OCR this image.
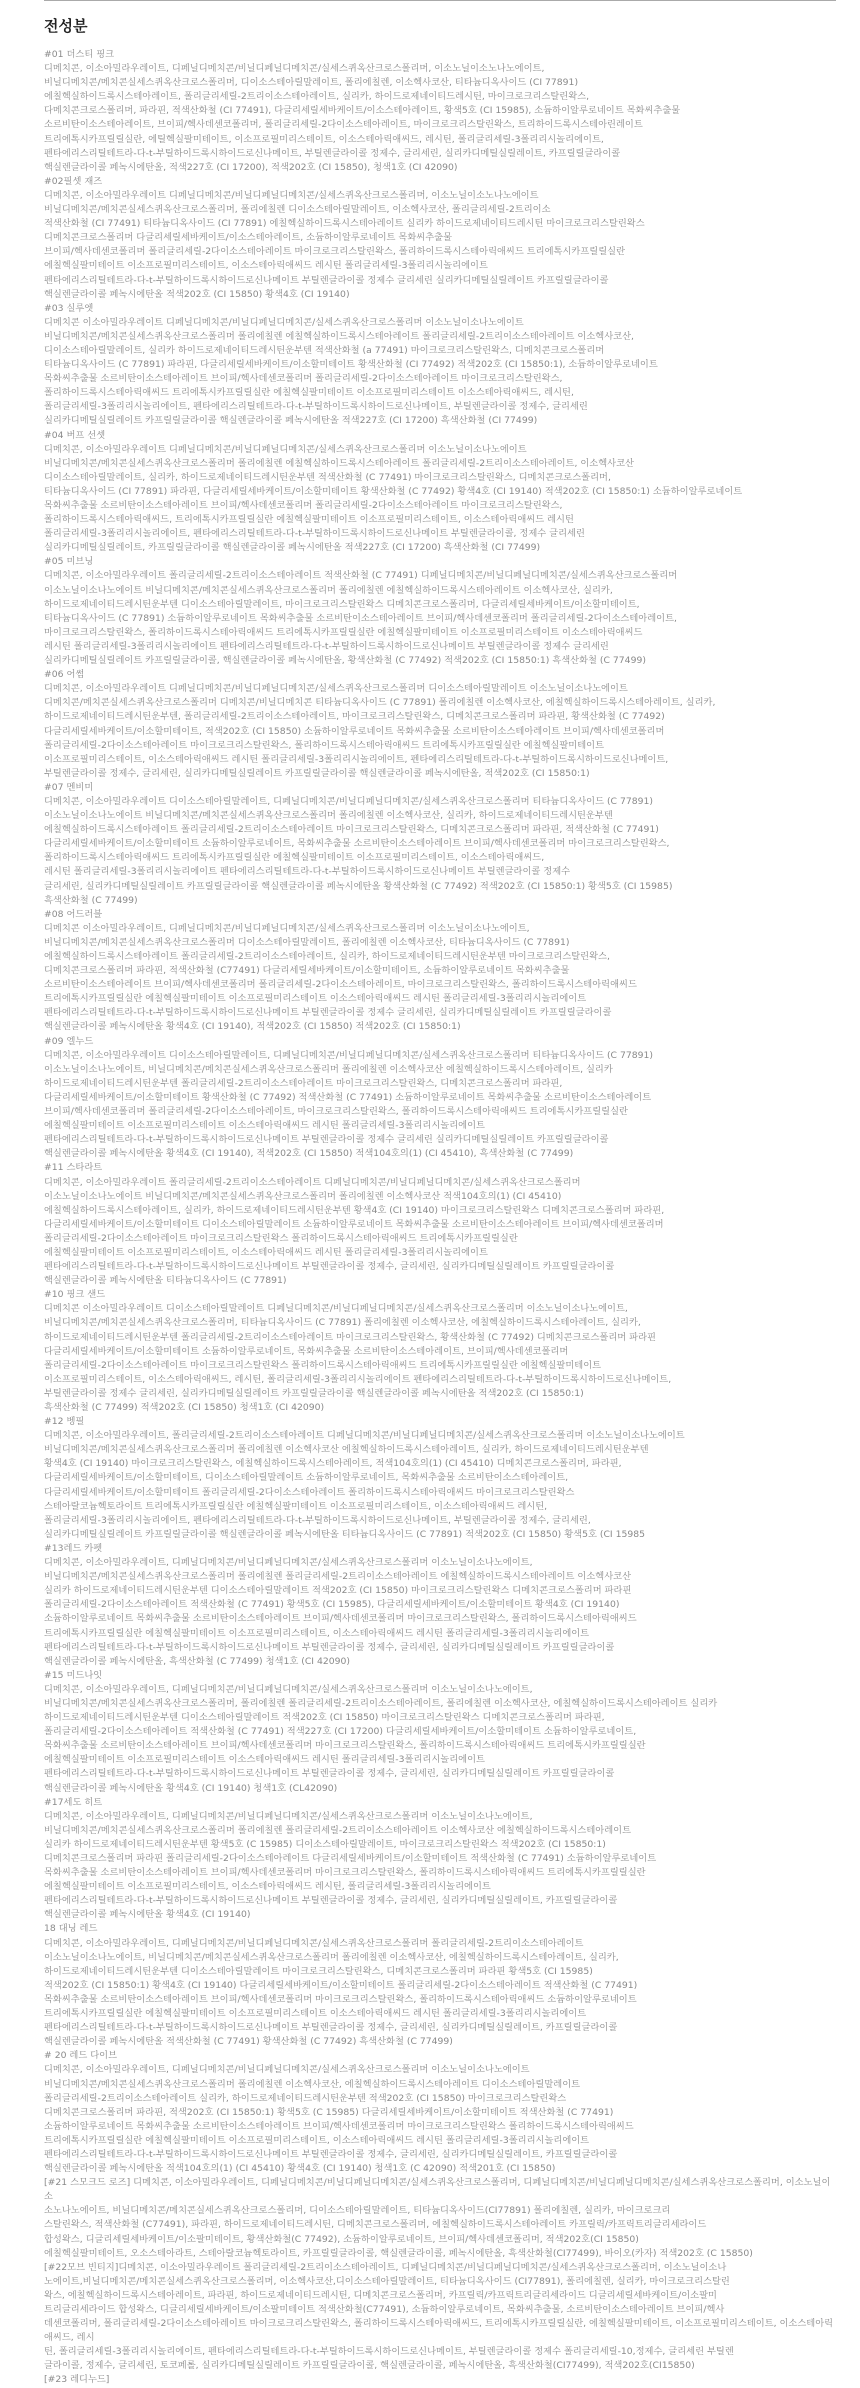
전성분
#01 더스티 핑크
디메치콘, 이소아밀라우레이트, 디페닐디메치콘/비닐디페닐디메치콘/실세스퀴옥산크로스폴리머, 이소노닐이소노나노에이트,
비닐디메치콘/메치콘실세스퀴옥산크로스폴리머, 디이소스테아릴말레이트, 폴리에칠렌, 이소헥사코산, 티타늄디옥사이드 (CI 77891)
에칠헥실하이드록시스테아레이트, 폴리글리세릴-2트리이소스테아레이트, 실리카, 하이드로제네이티드레시틴, 마이크로크리스탈린왁스,
다메치콘크로스폴리머, 파라핀, 적색산화철 (CI 77491), 다글리세릴세바케이트/이소스테아레이트, 황색5호 (CI 15985), 소듐하이알루로네이트 목화씨추출물
소르비탄이소스테아레이트, 브이피/헥사데센코폴리머, 폴리글리세릴-2다이소스테아레이트, 마이크로크리스탈린왁스, 트리하이드록시스테아린레이트
트리에톡시카프릴릴실란, 에틸헥실팔미테이트, 이소프로필미리스테이트, 이소스테아릭애씨드, 레시틴, 폴리글리세릴-3폴리리시놀리에이트,
펜타에리스리틸테트라-다-t-부틸하이드록시하이드로신나메이트, 부틸렌글라이콜 정제수, 글리세린, 실리카디메틸실릴레이트, 카프릴릴글라이콜
핵실렌글라이콜 페녹시에탄올, 적색227호 (CI 17200), 적색202호 (CI 15850), 청색1호 (CI 42090)
#02필셋 재즈
디메치콘, 이소아밀라우레이트 디페닐디메치콘/비닐디페닐디메치콘/실세스퀴옥산크로스폴리머, 이소노닐이소노나노에이트
비닐디메치콘/메치콘실세스퀴옥산크로스폴리머, 폴리에칠렌 디이소스테아릴말레이트, 이소헥사코산, 폴리글리세릴-2트리이소
적색산화철 (CI 77491) 티타늄디옥사이드 (CI 77891) 에칠헥실하이드록시스테아레이트 실리카 하이드로제네이티드레시틴 마이크로크리스탈린왁스
디메치콘크로스폴리머 다글리세릴세바케이트/이소스테아레이트, 소듐하이알루로네이트 목화씨추출물
브이피/헥사데센코폴리머 폴리글리세릴-2다이소스테아레이트 마이크로크리스탈린왁스, 폴리하이드록시스테아릭애씨드 트리에톡시카프릴릴실란
에칠헥실팔미테이트 이소프로필미리스테이트, 이소스테아릭애씨드 레시틴 폴리글리세릴-3폴리리시놀리에이트
펜타에리스리틸테트라-다-t-부틸하이드록시하이드로신나메이트 부틸렌글라이콜 정제수 글리세린 실리카디메틸실릴레이트 카프릴릴글라이콜
핵실렌글라이콜 페녹시에탄올 적색202호 (CI 15850) 황색4호 (CI 19140)
#03 실루엣
디메치콘 이소아밀라우레이트 디페닐디메치콘/비닐디페닐디메치콘/실세스퀴옥산크로스폴리머 이소노닐이소나노에이트
비닐디메치콘/메치콘실세스퀴옥산크로스폴리머 폴리에칠렌 에칠헥실하이드록시스테아레이트 폴리글리세릴-2트리이소스테아레이트 이소헥사코산,
디이소스테아릴말레이트, 실리카 하이드로제네이티드레시틴운부텐 적색산화철 (a 77491) 마이크로크리스탈린왁스, 디메치콘크로스폴리머
티타늄디옥사이드 (C 77891) 파라핀, 다글리세릴세바케이트/이소할미테이트 황색산화철 (CI 77492) 적색202호 (CI 15850:1), 소듐하이알루로네이트
목화씨추출물 소르비탄이소스테아레이트 브이피/헥사데센코폴리머 폴리글리세릴-2다이소스테아레이트 마이크로크리스탈린왁스,
폴리하이드록시스테아릭애씨드 트리에톡시카프릴릴실란 에칠헥실팔미테이트 이소프로필미리스테이트 이소스테아릭애씨드, 레시틴,
폴리글리세릴-3폴리리시놀리에이트, 펜타에리스리틸테트라-다-t-부틸하이드록시하이드로신나메이트, 부틸렌글라이콜 정제수, 글리세린
실리카디메틸실릴레이트 카프릴릴글라이콜 핵실렌글라이콜 페녹시에탄올 적색227호 (CI 17200) 흑색산화철 (CI 77499)
#04 버프 선셋
디메치콘, 이소아밀라우레이트 디페닐디메치콘/비닐디페닐디메치콘/실세스퀴옥산크로스폴리머 이소노닐이소나노에이트
비닐디메치콘/메치콘실세스퀴옥산크로스폴리머 폴리에칠렌 에칠헥실하이드록시스테아레이트 폴리글리세릴-2트리이소스테아레이트, 이소헥사코산
디이소스테아릴말레이트, 실리카, 하이드로제네이티드레시틴운부텐 적색산화철 (C 77491) 마이크로크리스탈린왁스, 디메치콘크로스폴리머,
티타늄디옥사이드 (CI 77891) 파라핀, 다글리세릴세바케이트/이소할미테이트 황색산화철 (C 77492) 황색4호 (CI 19140) 적색202호 (CI 15850:1) 소듐하이알루로네이트
목화씨추출물 소르비탄이소스테아레이트 브이피/헥사데센코폴리머 폴리글리세릴-2다이소스테아레이트 마이크로크리스탈린왁스,
폴리하이드록시스테아릭애씨드, 트리에톡시카프릴릴실란 에칠헥실팔미테이트 이소프로필미리스테이트, 이소스테아릭애씨드 레시틴
폴리글리세릴-3폴리리시놀리에이트, 펜타에리스리틸테트라-다-t-부틸하이드록시하이드로신나메이트 부틸렌글라이콜, 정제수 글리세린
실리카디메틸실릴레이트, 카프릴릴글라이콜 핵실렌글라이콜 페녹시에탄올 적색227호 (CI 17200) 흑색산화철 (CI 77499)
#05 미브닝
디메치콘, 이소아밀라우레이트 폴리글리세릴-2트리이소스테아레이트 적색산화철 (C 77491) 디페닐디메치콘/비닐디페닐디메치콘/실세스퀴옥산크로스폴리머
이소노닐이소나노에이트 비닐디메치콘/메치콘실세스퀴옥산크로스폴리머 폴리에칠렌 에칠헥실하이드록시스테아레이트 이소헥사코산, 실리카,
하이드로제네이티드레시틴운부텐 디이소스테아릴말레이트, 마이크로크리스탈린왁스 디메치콘크로스폴리머, 다글리세릴세바케이트/이소할미테이트,
티타늄디옥사이드 (C 77891) 소듐하이알루로네이트 목화씨추출물 소르비탄이소스테아레이트 브이피/헥사데센코폴리머 폴리글리세릴-2다이소스테아레이트,
마이크로크리스탈린왁스, 폴리하이드록시스테아릭애씨드 트리에톡시카프릴릴실란 에칠헥실팔미테이트 이소프로필미리스테이트 이소스테아릭애씨드
레시틴 폴리글리세릴-3폴리리시놀리에이트 펜타에리스리틸테트라-다-t-부틸하이드록시하이드로신나메이트 부틸렌글라이콜 정제수 글리세린
실리카디메틸실릴레이트 카프릴릴글라이콜, 핵실렌글라이콜 페녹시에탄올, 황색산화철 (C 77492) 적색202호 (CI 15850:1) 흑색산화철 (C 77499)
#06 어썸
디메치콘, 이소아밀라우레이트 디페닐디메치콘/비닐디페닐디메치콘/실세스퀴옥산크로스폴리머 디이소스테아릴말레이트 이소노닐이소나노에이트
디메치콘/메치콘실세스퀴옥산크로스폴리머 디메치콘/비닐디메치콘 티타늄디옥사이드 (C 77891) 폴리에칠렌 이소헥사코산, 에칠헥실하이드록시스테아레이트, 실리카,
하이드로제네이티드레시틴운부텐, 폴리글리세릴-2트리이소스테아레이트, 마이크로크리스탈린왁스, 디메치콘크로스폴리머 파라핀, 황색산화철 (C 77492)
다글리세릴세바케이트/이소할미테이트, 적색202호 (CI 15850) 소듐하이알루로네이트 목화씨추출물 소르비탄이소스테아레이트 브이피/헥사데센코폴리머
폴리글리세릴-2다이소스테아레이트 마이크로크리스탈린왁스, 폴리하이드록시스테아릭애씨드 트리에톡시카프릴릴실란 에칠헥실팔미테이트
이소프로필미리스테이트, 이소스테아릭애씨드 레시틴 폴리글리세릴-3폴리리시놀리에이트, 펜타에리스리틸테트라-다-t-부틸하이드록시하이드로신나메이트,
부틸렌글라이콜 정제수, 글리세린, 실리카디메틸실릴레이트 카프릴릴글라이콜 핵실렌글라이콜 페녹시에탄올, 적색202호 (CI 15850:1)
#07 멘비미
디메치콘, 이소아밀라우레이트 디이소스테아릴말레이트, 디페닐디메치콘/비닐디페닐디메치콘/실세스퀴옥산크로스폴리머 티타늄디옥사이드 (C 77891)
이소노닐이소나노에이트 비닐디메치콘/메치콘실세스퀴옥산크로스폴리머 폴리에칠렌 이소헥사코산, 실리카, 하이드로제네이티드레시틴운부텐
에칠헥실하이드록시스테아레이트 폴리글리세릴-2트리이소스테아레이트 마이크로크리스탈린왁스, 디메치콘크로스폴리머 파라핀, 적색산화철 (C 77491)
다글리세릴세바케이트/이소할미테이트 소듐하이알루로네이트, 목화씨추출물 소르비탄이소스테아레이트 브이피/헥사데센코폴리머 마이크로크리스탈린왁스,
폴리하이드록시스테아릭애씨드 트리에톡시카프릴릴실란 에칠헥실팔미테이트 이소프로필미리스테이트, 이소스테아릭애씨드,
레시틴 폴리글리세릴-3폴리리시놀리에이트 펜타에리스리틸테트라-다-t-부틸하이드록시하이드로신나메이트 부틸렌글라이콜 정제수
글리세린, 실리카디메틸실릴레이트 카프릴릴글라이콜 핵실렌글라이콜 페녹시에탄올 황색산화철 (C 77492) 적색202호 (CI 15850:1) 황색5호 (CI 15985)
흑색산화철 (C 77499)
#08 어드러블
디메치콘 이소아밀라우레이트, 디페닐디메치콘/비닐디페닐디메치콘/실세스퀴옥산크로스폴리머 이소노닐이소나노에이트,
비닐디메치콘/메치콘실세스퀴옥산크로스폴리머 디이소스테아릴말레이트, 폴리에칠렌 이소헥사코산, 티타늄디옥사이드 (C 77891)
에칠헥실하이드록시스테아레이트 폴리글리세릴-2트리이소스테아레이트, 실리카, 하이드로제네이티드레시틴운부텐 마이크로크리스탈린왁스,
디메치콘크로스폴리머 파라핀, 적색산화철 (C77491) 다글리세릴세바케이트/이소할미테이트, 소듐하이알루로네이트 목화씨추출물
소르비탄이소스테아레이트 브이피/헥사데센코폴리머 폴리글리세릴-2다이소스테아레이트, 마이크로크리스탈린왁스, 폴리하이드록시스테아릭애씨드
트리에톡시카프릴릴실란 에칠헥실팔미테이트 이소프로필미리스테이트 이소스테아릭애씨드 레시틴 폴리글리세릴-3폴리리시놀리에이트
펜타에리스리틸테트라-다-t-부틸하이드록시하이드로신나메이트 부틸렌글라이콜 정제수 글리세린, 실리카디메틸실릴레이트 카프릴릴글라이콜
핵실렌글라이콜 페녹시에탄올 황색4호 (CI 19140), 적색202호 (CI 15850) 적색202호 (CI 15850:1)
#09 엘누드
디메치콘, 이소아밀라우레이트 디이소스테아릴말레이트, 디페닐디메치콘/비닐디페닐디메치콘/실세스퀴옥산크로스폴리머 티타늄디옥사이드 (C 77891)
이소노닐이소나노에이트, 비닐디메치콘/메치콘실세스퀴옥산크로스폴리머 폴리에칠렌 이소헥사코산 에칠헥실하이드록시스테아레이트, 실리카
하이드로제네이티드레시틴운부텐 폴리글리세릴-2트리이소스테아레이트 마이크로크리스탈린왁스, 디메치콘크로스폴리머 파라핀,
다글리세릴세바케이트/이소할미테이트 황색산화철 (C 77492) 적색산화철 (C 77491) 소듐하이알루로네이트 목화씨추출물 소르비탄이소스테아레이트
브이피/헥사데센코폴리머 폴리글리세릴-2다이소스테아레이트, 마이크로크리스탈린왁스, 폴리하이드록시스테아릭애씨드 트리에톡시카프릴릴실란
에칠헥실팔미테이트 이소프로필미리스테이트 이소스테아릭애씨드 레시틴 폴리글리세릴-3폴리리시놀리에이트
펜타에리스리틸테트라-다-t-부틸하이드록시하이드로신나메이트 부틸렌글라이콜 정제수 글리세린 실리카디메틸실릴레이트 카프릴릴글라이콜
핵실렌글라이콜 페녹시에탄올 황색4호 (CI 19140), 적색202호 (CI 15850) 적색104호의(1) (CI 45410), 흑색산화철 (C 77499)
#11 스타라트
디메치콘, 이소아밀라우레이트 폴리글리세릴-2트리이소스테아레이트 디페닐디메치콘/비닐디페닐디메치콘/실세스퀴옥산크로스폴리머
이소노닐이소나노에이트 비닐디메치콘/메치콘실세스퀴옥산크로스폴리머 폴리에칠렌 이소헥사코산 적색104호의(1) (CI 45410)
에칠헥실하이드록시스테아레이트, 실리카, 하이드로제네이티드레시틴운부텐 황색4호 (CI 19140) 마이크로크리스탈린왁스 디메치콘크로스폴리머 파라핀,
다글리세릴세바케이트/이소할미테이트 디이소스테아릴말레이트 소듐하이알루로네이트 목화씨추출물 소르비탄이소스테아레이트 브이피/헥사데센코폴리머
폴리글리세릴-2다이소스테아레이트 마이크로크리스탈린왁스 폴리하이드록시스테아릭애씨드 트리에톡시카프릴릴실란
에칠헥실팔미테이트 이소프로필미리스테이트, 이소스테아릭애씨드 레시틴 폴리글리세릴-3폴리리시놀리에이트
펜타에리스리틸테트라-다-t-부틸하이드록시하이드로신나메이트 부틸렌글라이콜 정제수, 글리세린, 실리카디메틸실릴레이트 카프릴릴글라이콜
핵실렌글라이콜 페녹시에탄올 티타늄디옥사이드 (C 77891)
#10 핑크 샌드
디메치콘 이소아밀라우레이트 디이소스테아릴말레이트 디페닐디메치콘/비닐디페닐디메치콘/실세스퀴옥산크로스폴리머 이소노닐이소나노에이트,
비닐디메치콘/메치콘실세스퀴옥산크로스폴리머, 티타늄디옥사이드 (C 77891) 폴리에칠렌 이소헥사코산, 에칠헥실하이드록시스테아레이트, 실리카,
하이드로제네이티드레시틴운부텐 폴리글리세릴-2트리이소스테아레이트 마이크로크리스탈린왁스, 황색산화철 (C 77492) 디메치콘크로스폴리머 파라핀
다글리세릴세바케이트/이소할미테이트 소듐하이알루로네이트, 목화씨추출물 소르비탄이소스테아레이트, 브이피/헥사데센코폴리머
폴리글리세릴-2다이소스테아레이트 마이크로크리스탈린왁스 폴리하이드록시스테아릭애씨드 트리에톡시카프릴릴실란 에칠헥실팔미테이트
이소프로필미리스테이트, 이소스테아릭애씨드, 레시틴, 폴리글리세릴-3폴리리시놀리에이트 펜타에리스리틸테트라-다-t-부틸하이드록시하이드로신나메이트,
부틸렌글라이콜 정제수 글리세린, 실리카디메틸실릴레이트 카프릴릴글라이콜 핵실렌글라이콜 페녹시에탄올 적색202호 (CI 15850:1)
흑색산화철 (C 77499) 적색202호 (CI 15850) 청색1호 (CI 42090)
#12 벵필
디메치콘, 이소아밀라우레이트, 폴리글리세릴-2트리이소스테아레이트 디페닐디메치콘/비닐디페닐디메치콘/실세스퀴옥산크로스폴리머 이소노닐이소나노에이트
비닐디메치콘/메치콘실세스퀴옥산크로스폴리머 폴리에칠렌 이소헥사코산 에칠헥실하이드록시스테아레이트, 실리카, 하이드로제네이티드레시틴운부텐
황색4호 (CI 19140) 마이크로크리스탈린왁스, 에칠헥실하이드록시스테아레이트, 적색104호의(1) (CI 45410) 디메치콘크로스폴리머, 파라핀,
다글리세릴세바케이트/이소할미테이트, 디이소스테아릴말레이트 소듐하이알루로네이트, 목화씨추출물 소르비탄이소스테아레이트,
다글리세릴세바케이트/이소할미테이트 폴리글리세릴-2다이소스테아레이트 폴리하이드록시스테아릭애씨드 마이크로크리스탈린왁스
스테아랄코늄헥토라이트 트리에톡시카프릴릴실란 에칠헥실팔미테이트 이소프로필미리스테이트, 이소스테아릭애씨드 레시틴,
폴리글리세릴-3폴리리시놀리에이트, 펜타에리스리틸테트라-다-t-부틸하이드록시하이드로신나메이트, 부틸렌글라이콜 정제수, 글리세린,
실리카디메틸실릴레이트 카프릴릴글라이콜 핵실렌글라이콜 페녹시에탄올 티타늄디옥사이드 (C 77891) 적색202호 (CI 15850) 황색5호 (CI 15985
#13레드 카펫
디메치콘, 이소아밀라우레이트, 디페닐디메치콘/비닐디페닐디메치콘/실세스퀴옥산크로스폴리머 이소노닐이소나노에이트,
비닐디메치콘/메치콘실세스퀴옥산크로스폴리머 폴리에칠렌 폴리글리세릴-2트리이소스테아레이트 에칠헥실하이드록시스테아레이트 이소헥사코산
실리카 하이드로제네이티드레시틴운부텐 디이소스테아릴말레이트 적색202호 (CI 15850) 마이크로크리스탈린왁스 디메치콘크로스폴리머 파라핀
폴리글리세릴-2다이소스테아레이트 적색산화철 (C 77491) 황색5호 (CI 15985), 다글리세릴세바케이트/이소할미테이트 황색4호 (CI 19140)
소듐하이알루로네이트 목화씨추출물 소르비탄이소스테아레이트 브이피/헥사데센코폴리머 마이크로크리스탈린왁스, 폴리하이드록시스테아릭애씨드
트리에톡시카프릴릴실란 에칠헥실팔미테이트 이소프로필미리스테이트, 이소스테아릭애씨드 레시틴 폴리글리세릴-3폴리리시놀리에이트
펜타에리스리틸테트라-다-t-부틸하이드록시하이드로신나메이트 부틸렌글라이콜 정제수, 글리세린, 실리카디메틸실릴레이트 카프릴릴글라이콜
핵실렌글라이콜 페녹시에탄올, 흑색산화철 (C 77499) 청색1호 (CI 42090)
#15 미드나잇
디메치콘, 이소아밀라우레이트, 디페닐디메치콘/비닐디페닐디메치콘/실세스퀴옥산크로스폴리머 이소노닐이소나노에이트,
비닐디메치콘/메치콘실세스퀴옥산크로스폴리머, 폴리에칠렌 폴리글리세릴-2트리이소스테아레이트, 폴리에칠렌 이소헥사코산, 에칠헥실하이드록시스테아레이트 실리카
하이드로제네이티드레시틴운부텐 디이소스테아릴말레이트 적색202호 (CI 15850) 마이크로크리스탈린왁스 디메치콘크로스폴리머 파라핀,
폴리글리세릴-2다이소스테아레이트 적색산화철 (C 77491) 적색227호 (CI 17200) 다글리세릴세바케이트/이소할미테이트 소듐하이알루로네이트,
목화씨추출물 소르비탄이소스테아레이트 브이피/헥사데센코폴리머 마이크로크리스탈린왁스, 폴리하이드록시스테아릭애씨드 트리에톡시카프릴릴실란
에칠헥실팔미테이트 이소프로필미리스테이트 이소스테아릭애씨드 레시틴 폴리글리세릴-3폴리리시놀리에이트
펜타에리스리틸테트라-다-t-부틸하이드록시하이드로신나메이트 부틸렌글라이콜 정제수, 글리세린, 실리카디메틸실릴레이트 카프릴릴글라이콜
핵실렌글라이콜 페녹시에탄올 황색4호 (CI 19140) 청색1호 (CL42090)
#17세도 히트
디메치콘, 이소아밀라우레이트, 디페닐디메치콘/비닐디페닐디메치콘/실세스퀴옥산크로스폴리머 이소노닐이소나노에이트,
비닐디메치콘/메치콘실세스퀴옥산크로스폴리머 폴리에칠렌 폴리글리세릴-2트리이소스테아레이트 이소헥사코산 에칠헥실하이드록시스테아레이트
실리카 하이드로제네이티드레시틴운부텐 황색5호 (C 15985) 디이소스테아릴말레이트, 마이크로크리스탈린왁스 적색202호 (CI 15850:1)
디메치콘크로스폴리머 파라핀 폴리글리세릴-2다이소스테아레이트 다글리세릴세바케이트/이소할미테이트 적색산화철 (C 77491) 소듐하이알루로네이트
목화씨추출물 소르비탄이소스테아레이트 브이피/헥사데센코폴리머 마이크로크리스탈린왁스, 폴리하이드록시스테아릭애씨드 트리에톡시카프릴릴실란
에칠헥실팔미테이트 이소프로필미리스테이트, 이소스테아릭애씨드 레시틴, 폴리글리세릴-3폴리리시놀리에이트
펜타에리스리틸테트라-다-t-부틸하이드록시하이드로신나메이트 부틸렌글라이콜 정제수, 글리세린, 실리카디메틸실릴레이트, 카프릴릴글라이콜
핵실렌글라이콜 페녹시에탄올 황색4호 (CI 19140)
18 대닝 레드
디메치콘, 이소아밀라우레이트, 디페닐디메치콘/비닐디페닐디메치콘/실세스퀴옥산크로스폴리머 폴리글리세릴-2트리이소스테아레이트
이소노닐이소나노에이트, 비닐디메치콘/메치콘실세스퀴옥산크로스폴리머 폴리에칠렌 이소헥사코산, 에칠헥실하이드록시스테아레이트, 실리카,
하이드로제네이티드레시틴운부텐 디이소스테아릴말레이트 마이크로크리스탈린왁스, 디메치콘크로스폴리머 파라핀 황색5호 (CI 15985)
적색202호 (CI 15850:1) 황색4호 (CI 19140) 다글리세릴세바케이트/이소할미테이트 폴리글리세릴-2다이소스테아레이트 적색산화철 (C 77491)
목화씨추출물 소르비탄이소스테아레이트 브이피/헥사데센코폴리머 마이크로크리스탈린왁스, 폴리하이드록시스테아릭애씨드 소듐하이알루로네이트
트리에톡시카프릴릴실란 에칠헥실팔미테이트 이소프로필미리스테이트 이소스테아릭애씨드 레시틴 폴리글리세릴-3폴리리시놀리에이트
펜타에리스리틸테트라-다-t-부틸하이드록시하이드로신나메이트 부틸렌글라이콜 정제수, 글리세린, 실리카디메틸실릴레이트, 카프릴릴글라이콜
핵실렌글라이콜 페녹시에탄올 적색산화철 (C 77491) 황색산화철 (C 77492) 흑색산화철 (C 77499)
# 20 레드 다이브
디메치콘, 이소아밀라우레이트, 디페닐디메치콘/비닐디페닐디메치콘/실세스퀴옥산크로스폴리머 이소노닐이소나노에이트
비닐디메치콘/메치콘실세스퀴옥산크로스폴리머 폴리에칠렌 이소헥사코산, 에칠헥실하이드록시스테아레이트 디이소스테아릴말레이트
폴리글리세릴-2트리이소스테아레이트 실리카, 하이드로제네이티드레시틴운부텐 적색202호 (CI 15850) 마이크로크리스탈린왁스
디메치콘크로스폴리머 파라핀, 적색202호 (CI 15850:1) 황색5호 (C 15985) 다글리세릴세바케이트/이소할미테이트 적색산화철 (C 77491)
소듐하이알루로네이트 목화씨추출물 소르비탄이소스테아레이트 브이피/헥사데센코폴리머 마이크로크리스탈린왁스 폴리하이드록시스테아릭애씨드
트리에톡시카프릴릴실란 에칠헥실팔미테이트 이소프로필미리스테이트, 이소스테아릭애씨드 레시틴 폴리글리세릴-3폴리리시놀리에이트
펜타에리스리틸테트라-다-t-부틸하이드록시하이드로신나메이트 부틸렌글라이콜 정제수, 글리세린, 실리카디메틸실릴레이트, 카프릴릴글라이콜
핵실렌글라이콜 페녹시에탄올 적색104호의(1) (CI 45410) 황색4호 (CI 19140) 청색1호 (C 42090) 적색201호 (CI 15850)
[#21 스모크드 로즈] 디메치콘, 이소아밀라우레이트, 디페닐디메치콘/비닐디페닐디메치콘/실세스퀴옥산크로스폴리머, 디페닐디메치콘/비닐디페닐디메치콘/실세스퀴옥산크로스폴리머, 이소노닐이소
소노나노에이트, 비닐디메치콘/메치콘실세스퀴옥산크로스폴리머, 디이소스테아릴말레이트, 티타늄디옥사이드(CI77891) 폴리에칠렌, 실리카, 마이크로크리
스탈린왁스, 적색산화철 (C77491), 파라핀, 하이드로제네이티드레시틴, 디메치콘크로스폴리머, 에칠헥실하이드록시스테아레이트 카프릴릭/카프릭트리글리세라이드
합성왁스, 디글리세릴세바케이트/이소팔미테이트, 황색산화철(C 77492), 소듐하이알루로네이트, 브이피/헥사데센코폴리머, 적색202호(CI 15850)
에칠헥실팔미테이트, 오소스테아라트, 스테아랄코늄헥토라이트, 카프릴릴글라이콜, 핵실렌글라이콜, 페녹시에탄올, 흑색산화철(CI77499), 바이오(카자) 적색202호 (C 15850)
[#22모브 빈티지]디메치콘, 이소아밀라우레이트 폴리글리세릴-2트리이소스테아레이트, 디페닐디메치콘/비닐디페닐디메치콘/실세스퀴옥산크로스폴리머, 이소노닐이소나
노에이트,비닐디메치콘/메치콘실세스퀴옥산크로스폴리머, 이소헥사코산,디이소스테아릴말레이트, 티타늄디옥사이드 (CI77891), 폴리에칠렌, 실리카, 마이크로크리스탈린
왁스, 에칠헥실하이드록시스테아레이트, 파라핀, 하이드로제네이티드레시틴, 디메치콘크로스폴리머, 카프릴릭/카프릭트리글리세라이드 디글리세릴세바케이트/이소팔미
트리글리세라이드 합성왁스, 디글리세릴세바케이트/이소팔미테이트 적색산화철(C77491), 소듐하이알루로네이트, 목화씨추출물, 소르비탄이소스테아레이트 브이피/헥사
데센코폴리머, 폴리글리세릴-2다이소스테아레이트 마이크로크리스탈린왁스, 폴리하이드록시스테아릭애씨드, 트리에톡시카프릴릴실란, 에칠헥실팔미테이트, 이소프로필미리스테이트, 이소스테아릭애씨드, 레시
틴, 폴리글리세릴-3폴리리시놀리에이트, 펜타에리스리틸테트라-다-t-부틸하이드록시하이드로신나메이트, 부틸렌글라이콜 정제수 폴리글리세릴-10,정제수, 글리세린 부틸렌
글라이콜, 정제수, 글리세린, 토코페롤, 실리카디메틸실릴레이트 카프릴릴글라이콜, 핵실렌글라이콜, 페녹시에탄올, 흑색산화철(CI77499), 적색202호(CI15850)
[#23 레디누드]
